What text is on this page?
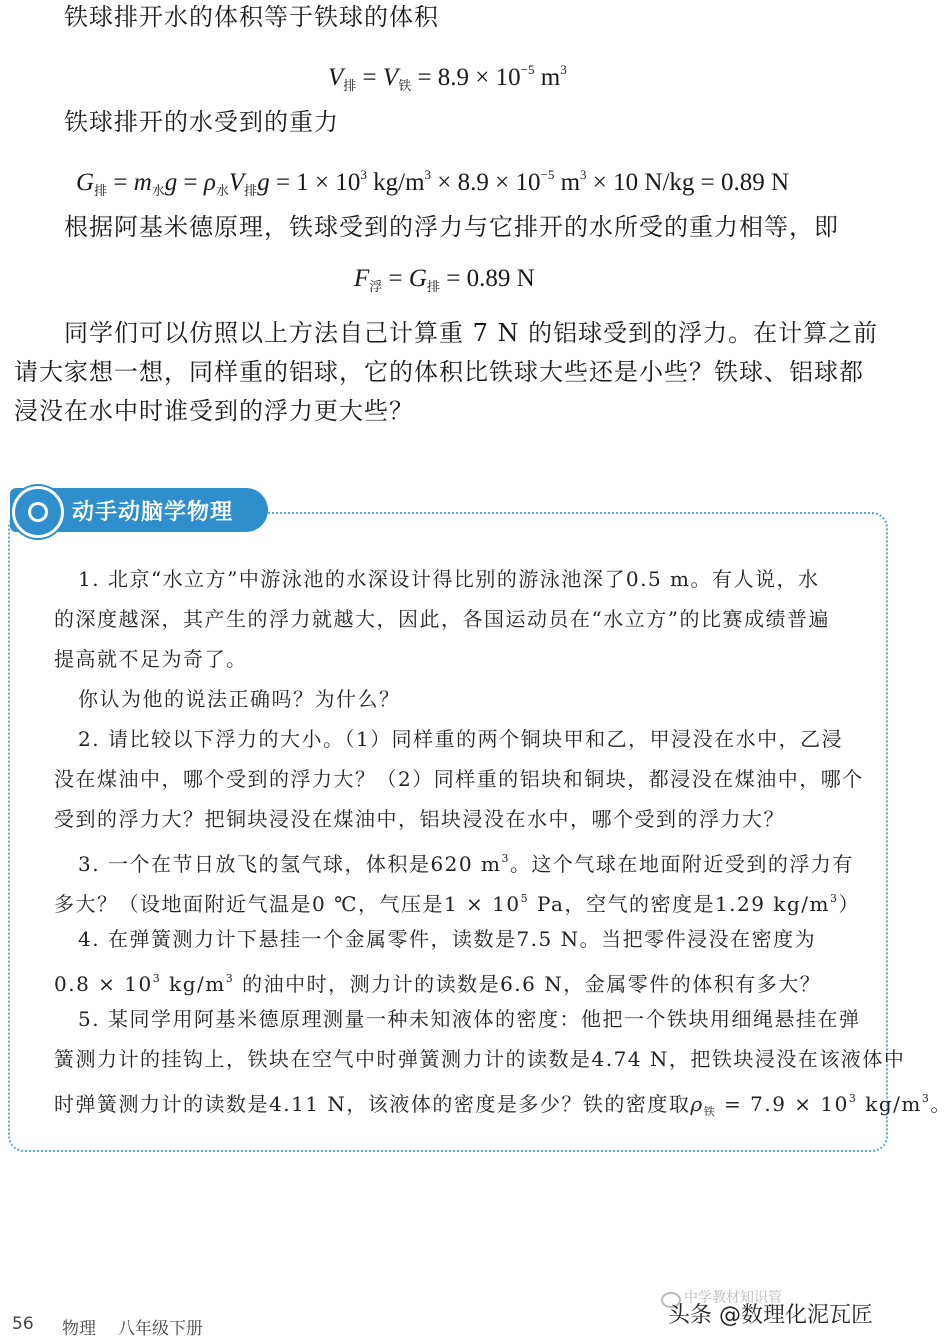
铁球排开水的体积等于铁球的体积
$V_排 = V_铁 = 8.9 \times 10^{-5}$ $m^3$
铁球排开的水受到的重力
$G_排 = m_水g = \rho_水V_排g = 1 \times 10^3$ $kg/m^3 \times 8.9 \times 10^{-5}$ $m^3 \times 10$ N/kg = 0.89 N
根据阿基米德原理，铁球受到的浮力与它排开的水所受的重力相等，即
$F_浮 = G_排 = 0.89$ N
同学们可以仿照以上方法自己计算重 7 N 的铝球受到的浮力。在计算之前
请大家想一想，同样重的铝球，它的体积比铁球大些还是小些？铁球、铝球都
浸没在水中时谁受到的浮力更大些？
动手动脑学物理
1. 北京“水立方”中游泳池的水深设计得比别的游泳池深了0.5 m。有人说，水
的深度越深，其产生的浮力就越大，因此，各国运动员在“水立方”的比赛成绩普遍
提高就不足为奇了。
你认为他的说法正确吗？为什么？
2. 请比较以下浮力的大小。（1）同样重的两个铜块甲和乙，甲浸没在水中，乙浸
没在煤油中，哪个受到的浮力大？（2）同样重的铝块和铜块，都浸没在煤油中，哪个
受到的浮力大？把铜块浸没在煤油中，铝块浸没在水中，哪个受到的浮力大？
3. 一个在节日放飞的氢气球，体积是620 $m^3$。这个气球在地面附近受到的浮力有
多大？（设地面附近气温是0 ℃，气压是$1 \times 10^5$ Pa，空气的密度是1.29 $kg/m^3$）
4. 在弹簧测力计下悬挂一个金属零件，读数是7.5 N。当把零件浸没在密度为
$0.8 \times 10^3$ $kg/m^3$ 的油中时，测力计的读数是6.6 N，金属零件的体积有多大？
5. 某同学用阿基米德原理测量一种未知液体的密度：他把一个铁块用细绳悬挂在弹
簧测力计的挂钩上，铁块在空气中时弹簧测力计的读数是4.74 N，把铁块浸没在该液体中
时弹簧测力计的读数是4.11 N，该液体的密度是多少？铁的密度取$\rho_铁 = 7.9 \times 10^3$ $kg/m^3$。
中学教材知识管
头条 @数理化泥瓦匠
56 物理 八年级下册
